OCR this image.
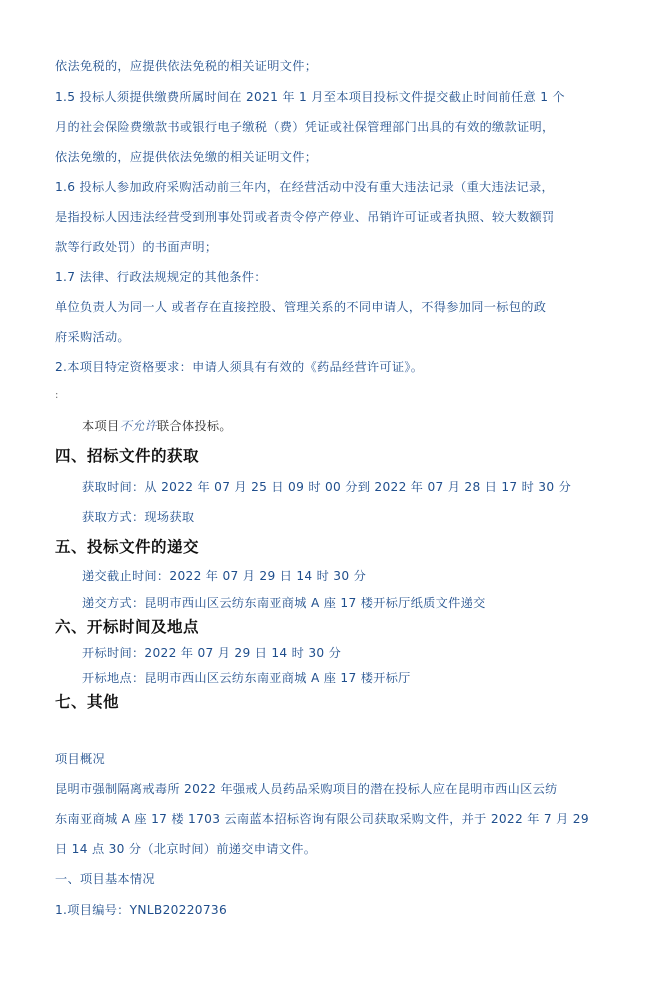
依法免税的，应提供依法免税的相关证明文件；
1.5 投标人须提供缴费所属时间在 2021 年 1 月至本项目投标文件提交截止时间前任意 1 个
月的社会保险费缴款书或银行电子缴税（费）凭证或社保管理部门出具的有效的缴款证明，
依法免缴的，应提供依法免缴的相关证明文件；
1.6 投标人参加政府采购活动前三年内，在经营活动中没有重大违法记录（重大违法记录，
是指投标人因违法经营受到刑事处罚或者责令停产停业、吊销许可证或者执照、较大数额罚
款等行政处罚）的书面声明；
1.7 法律、行政法规规定的其他条件：
单位负责人为同一人 或者存在直接控股、管理关系的不同申请人，不得参加同一标包的政
府采购活动。
2.本项目特定资格要求：申请人须具有有效的《药品经营许可证》。
:
本项目不允许联合体投标。
四、招标文件的获取
获取时间：从 2022 年 07 月 25 日 09 时 00 分到 2022 年 07 月 28 日 17 时 30 分
获取方式：现场获取
五、投标文件的递交
递交截止时间：2022 年 07 月 29 日 14 时 30 分
递交方式：昆明市西山区云纺东南亚商城 A 座 17 楼开标厅纸质文件递交
六、开标时间及地点
开标时间：2022 年 07 月 29 日 14 时 30 分
开标地点：昆明市西山区云纺东南亚商城 A 座 17 楼开标厅
七、其他
项目概况
昆明市强制隔离戒毒所 2022 年强戒人员药品采购项目的潜在投标人应在昆明市西山区云纺
东南亚商城 A 座 17 楼 1703 云南蓝本招标咨询有限公司获取采购文件，并于 2022 年 7 月 29
日 14 点 30 分（北京时间）前递交申请文件。
一、项目基本情况
1.项目编号：YNLB20220736
